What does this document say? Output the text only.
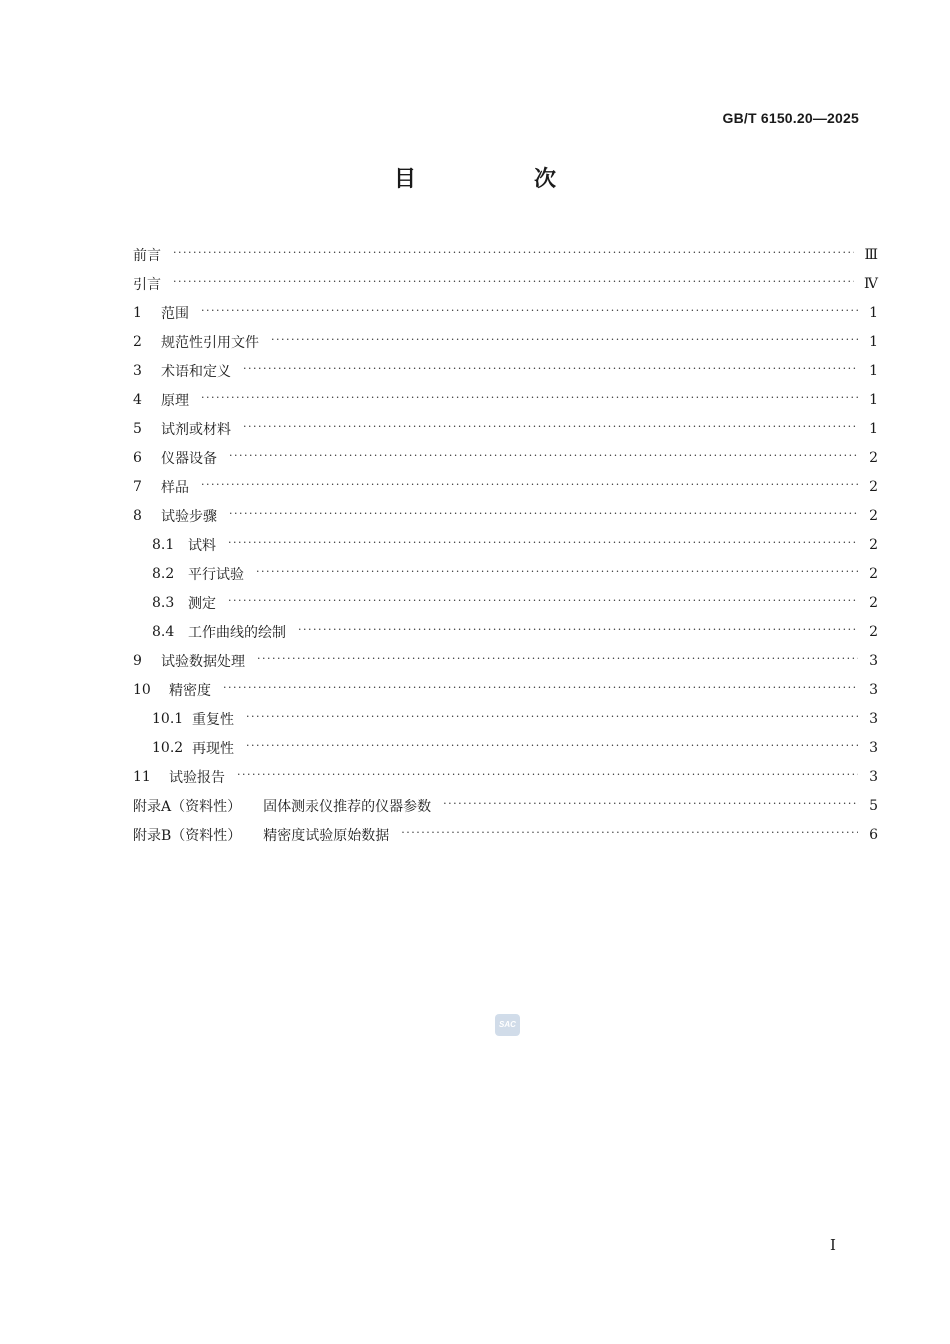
GB/T 6150.20—2025
目　次
前言 ·····	Ⅲ
引言 ·····	Ⅳ
1	范围 ·····	1
2	规范性引用文件 ·····	1
3	术语和定义 ·····	1
4	原理 ·····	1
5	试剂或材料 ·····	1
6	仪器设备 ·····	2
7	样品 ·····	2
8	试验步骤 ·····	2
8.1 试料 ·····	2
8.2 平行试验 ·····	2
8.3 测定 ·····	2
8.4 工作曲线的绘制 ·····	2
9	试验数据处理 ·····	3
10 精密度 ·····	3
10.1 重复性 ·····	3
10.2 再现性 ·····	3
11 试验报告 ·····	3
附录A（资料性） 固体测汞仪推荐的仪器参数 ·····	5
附录B（资料性） 精密度试验原始数据 ·····	6
SAC
Ⅰ
